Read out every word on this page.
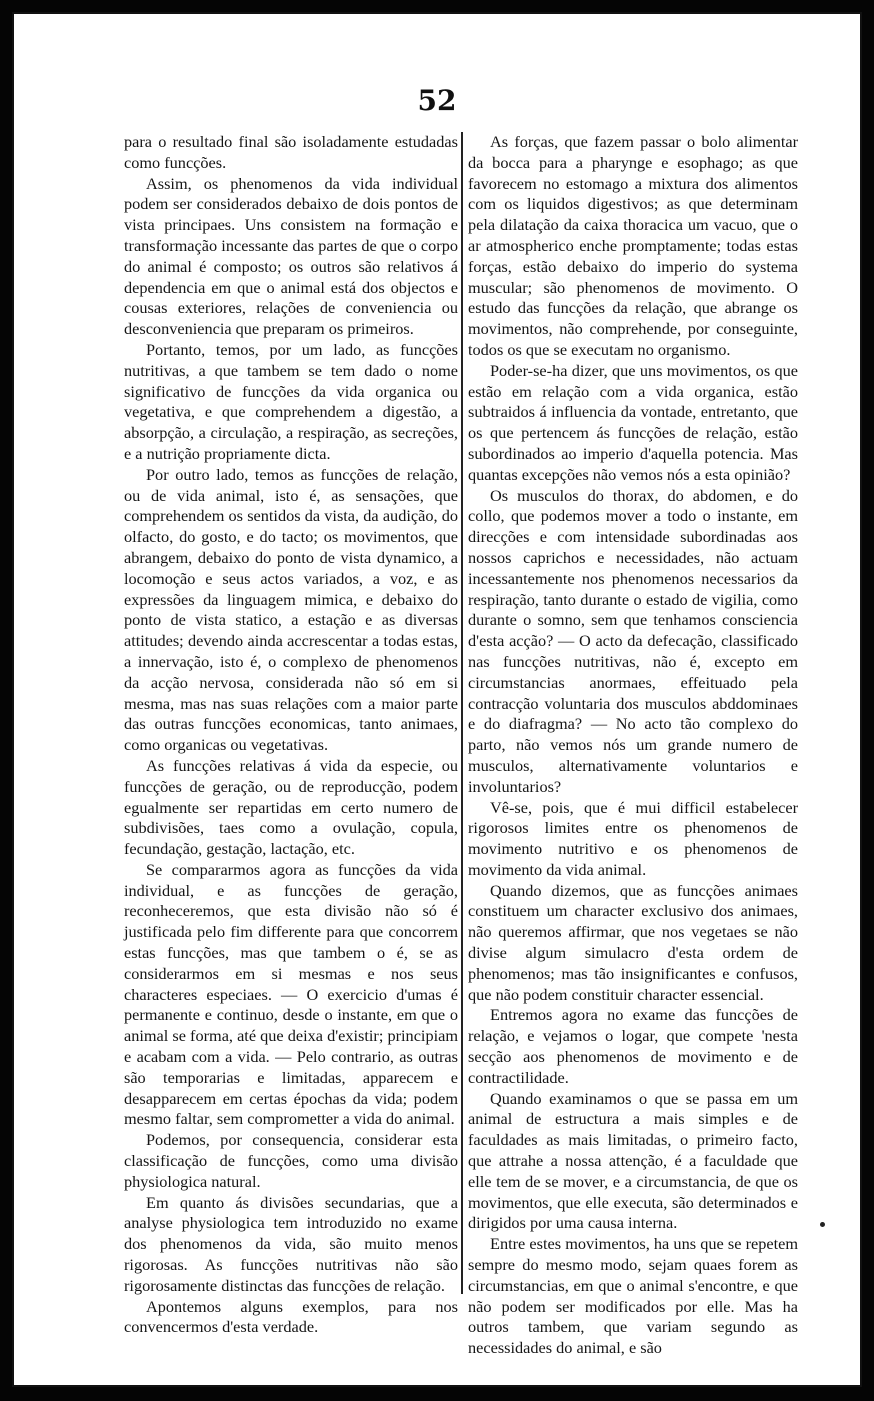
52

para o resultado final são isoladamente estudadas como funcções.

Assim, os phenomenos da vida individual podem ser considerados debaixo de dois pontos de vista principaes. Uns consistem na formação e transformação incessante das partes de que o corpo do animal é composto; os outros são relativos á dependencia em que o animal está dos objectos e cousas exteriores, relações de conveniencia ou desconveniencia que preparam os primeiros.

Portanto, temos, por um lado, as funcções nutritivas, a que tambem se tem dado o nome significativo de funcções da vida organica ou vegetativa, e que comprehendem a digestão, a absorpção, a circulação, a respiração, as secreções, e a nutrição propriamente dicta.

Por outro lado, temos as funcções de relação, ou de vida animal, isto é, as sensações, que comprehendem os sentidos da vista, da audição, do olfacto, do gosto, e do tacto; os movimentos, que abrangem, debaixo do ponto de vista dynamico, a locomoção e seus actos variados, a voz, e as expressões da linguagem mimica, e debaixo do ponto de vista statico, a estação e as diversas attitudes; devendo ainda accrescentar a todas estas, a innervação, isto é, o complexo de phenomenos da acção nervosa, considerada não só em si mesma, mas nas suas relações com a maior parte das outras funcções economicas, tanto animaes, como organicas ou vegetativas.

As funcções relativas á vida da especie, ou funcções de geração, ou de reproducção, podem egualmente ser repartidas em certo numero de subdivisões, taes como a ovulação, copula, fecundação, gestação, lactação, etc.

Se compararmos agora as funcções da vida individual, e as funcções de geração, reconheceremos, que esta divisão não só é justificada pelo fim differente para que concorrem estas funcções, mas que tambem o é, se as considerarmos em si mesmas e nos seus characteres especiaes. — O exercicio d'umas é permanente e continuo, desde o instante, em que o animal se forma, até que deixa d'existir; principiam e acabam com a vida. — Pelo contrario, as outras são temporarias e limitadas, apparecem e desapparecem em certas épochas da vida; podem mesmo faltar, sem comprometter a vida do animal.

Podemos, por consequencia, considerar esta classificação de funcções, como uma divisão physiologica natural.

Em quanto ás divisões secundarias, que a analyse physiologica tem introduzido no exame dos phenomenos da vida, são muito menos rigorosas. As funcções nutritivas não são rigorosamente distinctas das funcções de relação.

Apontemos alguns exemplos, para nos convencermos d'esta verdade.

As forças, que fazem passar o bolo alimentar da bocca para a pharynge e esophago; as que favorecem no estomago a mixtura dos alimentos com os liquidos digestivos; as que determinam pela dilatação da caixa thoracica um vacuo, que o ar atmospherico enche promptamente; todas estas forças, estão debaixo do imperio do systema muscular; são phenomenos de movimento. O estudo das funcções da relação, que abrange os movimentos, não comprehende, por conseguinte, todos os que se executam no organismo.

Poder-se-ha dizer, que uns movimentos, os que estão em relação com a vida organica, estão subtraidos á influencia da vontade, entretanto, que os que pertencem ás funcções de relação, estão subordinados ao imperio d'aquella potencia. Mas quantas excepções não vemos nós a esta opinião?

Os musculos do thorax, do abdomen, e do collo, que podemos mover a todo o instante, em direcções e com intensidade subordinadas aos nossos caprichos e necessidades, não actuam incessantemente nos phenomenos necessarios da respiração, tanto durante o estado de vigilia, como durante o somno, sem que tenhamos consciencia d'esta acção? — O acto da defecação, classificado nas funcções nutritivas, não é, excepto em circumstancias anormaes, effeituado pela contracção voluntaria dos musculos abddominaes e do diafragma? — No acto tão complexo do parto, não vemos nós um grande numero de musculos, alternativamente voluntarios e involuntarios?

Vê-se, pois, que é mui difficil estabelecer rigorosos limites entre os phenomenos de movimento nutritivo e os phenomenos de movimento da vida animal.

Quando dizemos, que as funcções animaes constituem um character exclusivo dos animaes, não queremos affirmar, que nos vegetaes se não divise algum simulacro d'esta ordem de phenomenos; mas tão insignificantes e confusos, que não podem constituir character essencial.

Entremos agora no exame das funcções de relação, e vejamos o logar, que compete 'nesta secção aos phenomenos de movimento e de contractilidade.

Quando examinamos o que se passa em um animal de estructura a mais simples e de faculdades as mais limitadas, o primeiro facto, que attrahe a nossa attenção, é a faculdade que elle tem de se mover, e a circumstancia, de que os movimentos, que elle executa, são determinados e dirigidos por uma causa interna.

Entre estes movimentos, ha uns que se repetem sempre do mesmo modo, sejam quaes forem as circumstancias, em que o animal s'encontre, e que não podem ser modificados por elle. Mas ha outros tambem, que variam segundo as necessidades do animal, e são
